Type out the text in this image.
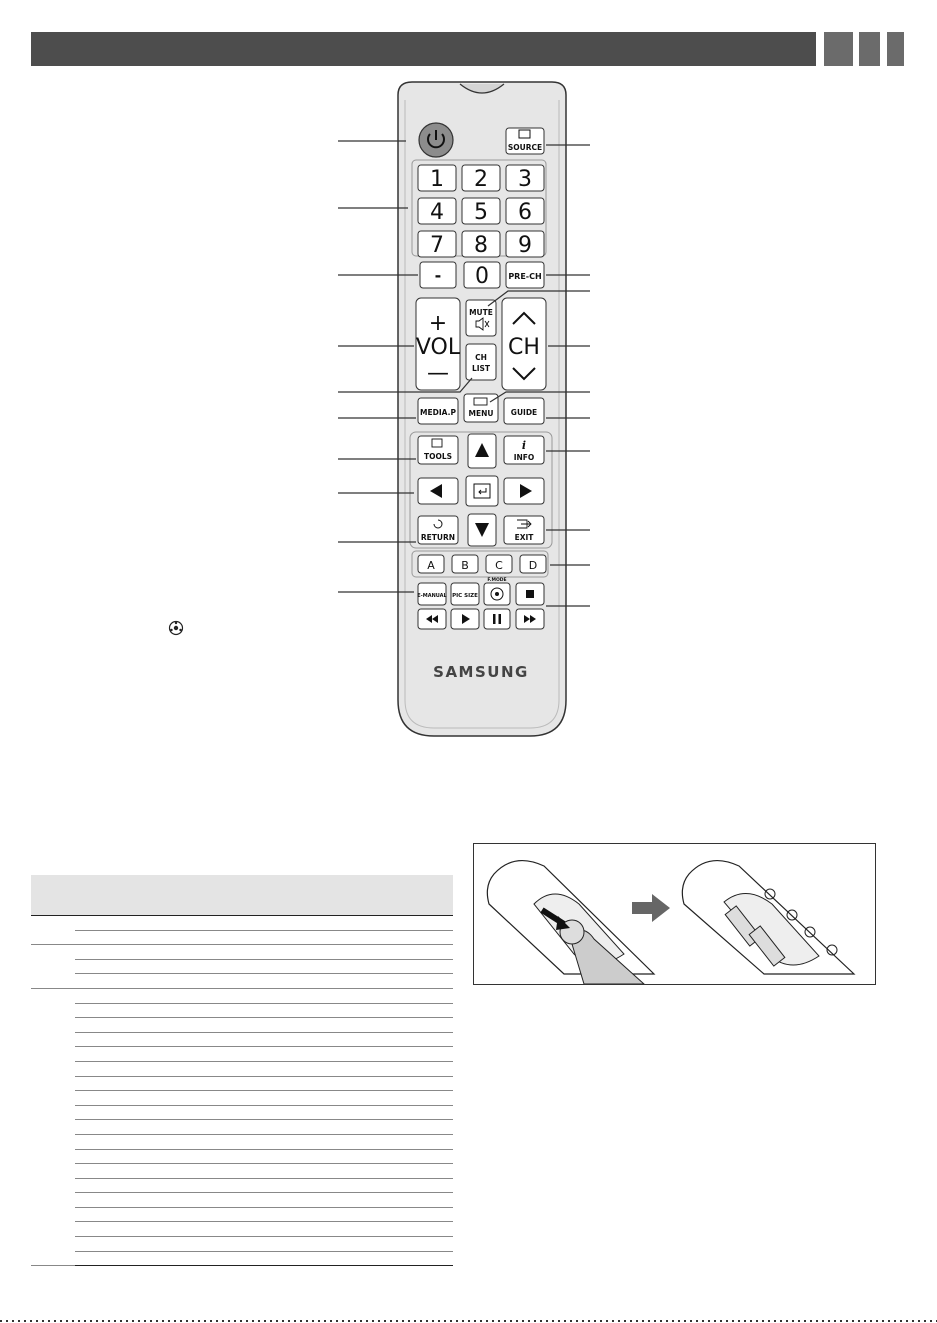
SOURCE
1 2 3
4 5 6
7 8 9
- 0 PRE-CH
+
VOL
—
MUTE
CH
LIST
CH
MEDIA.P MENU GUIDE
TOOLS
i
INFO
RETURN	EXIT
A B C D
E-MANUAL PIC SIZE
F.MODE
SAMSUNG
